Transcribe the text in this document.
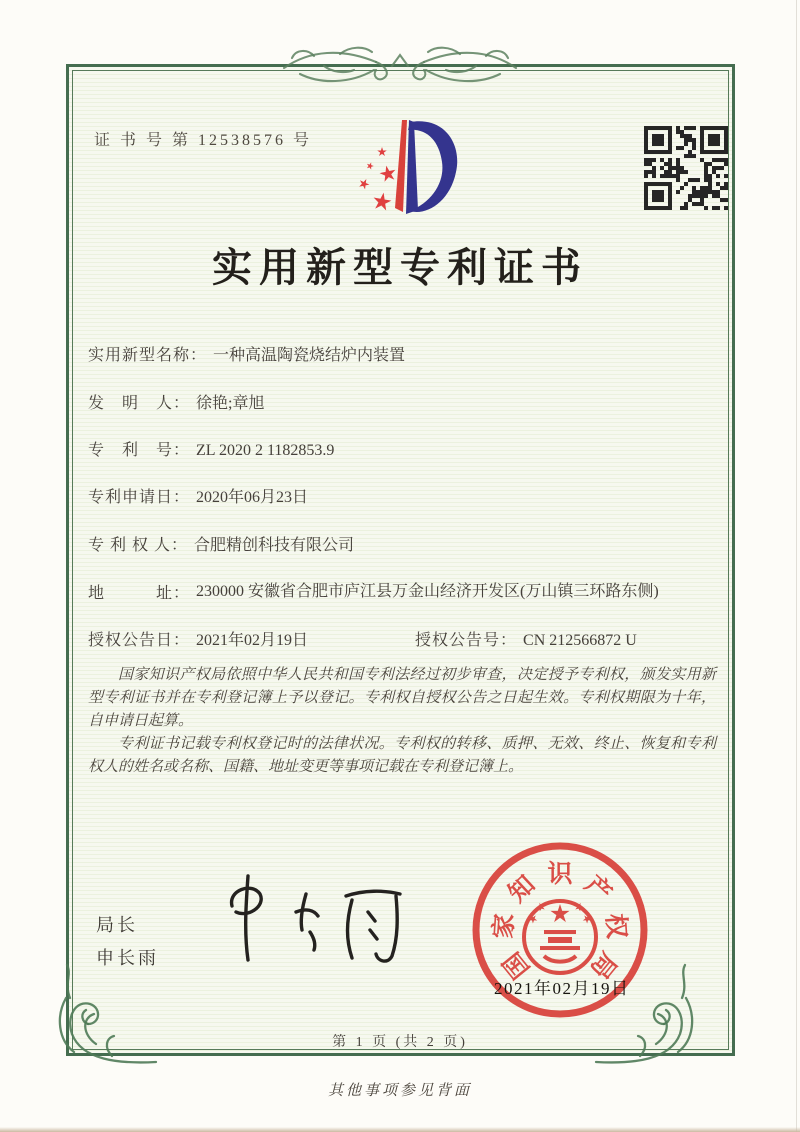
证 书 号 第 12538576 号
实用新型专利证书
实用新型名称： 一种高温陶瓷烧结炉内装置
发　明　人： 徐艳;章旭
专　利　号： ZL 2020 2 1182853.9
专利申请日： 2020年06月23日
专 利 权 人： 合肥精创科技有限公司
地　　　址： 230000 安徽省合肥市庐江县万金山经济开发区(万山镇三环路东侧)
授权公告日： 2021年02月19日	授权公告号： CN 212566872 U

国家知识产权局依照中华人民共和国专利法经过初步审查，决定授予专利权，颁发实用新型专利证书并在专利登记簿上予以登记。专利权自授权公告之日起生效。专利权期限为十年，自申请日起算。

专利证书记载专利权登记时的法律状况。专利权的转移、质押、无效、终止、恢复和专利权人的姓名或名称、国籍、地址变更等事项记载在专利登记簿上。

局长
申长雨	国
家
知 识 产
权
局
2021年02月19日
第 1 页 (共 2 页)
其他事项参见背面
